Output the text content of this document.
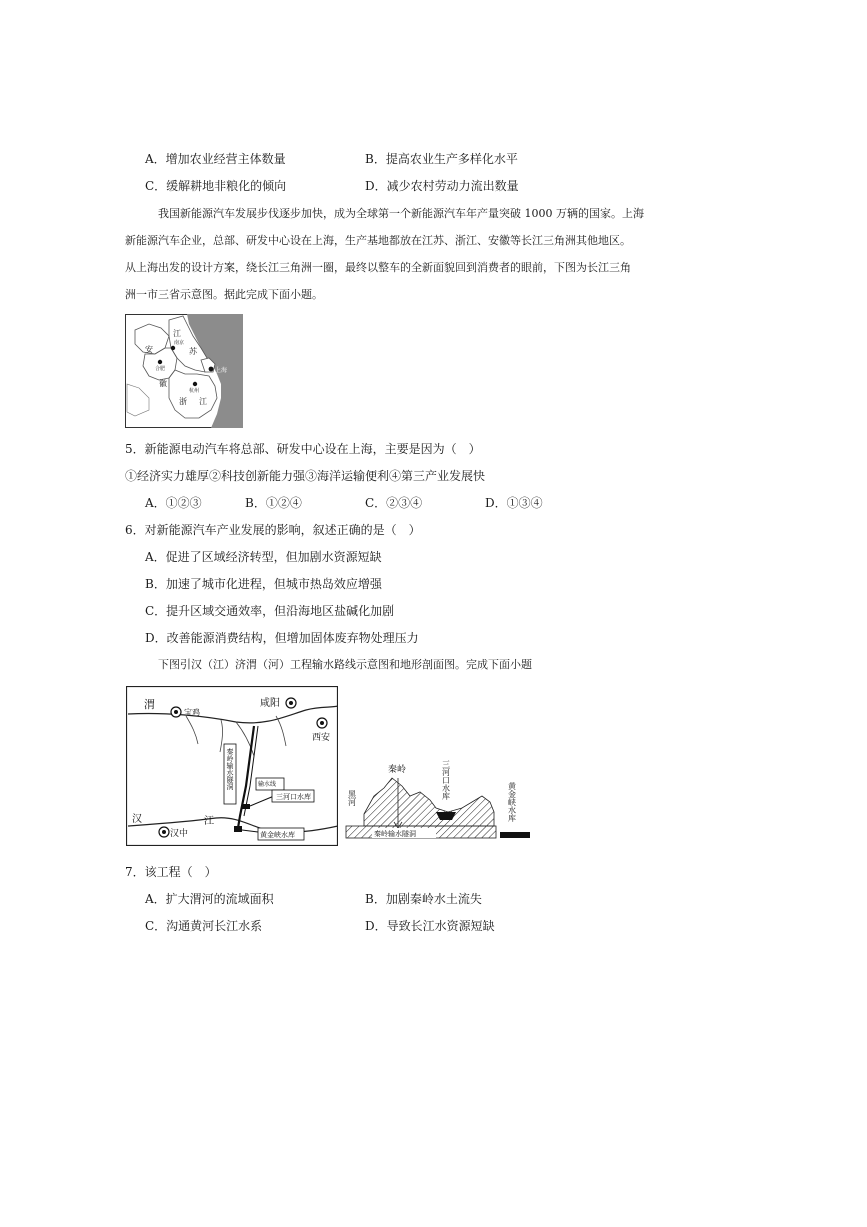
A．增加农业经营主体数量	B．提高农业生产多样化水平
C．缓解耕地非粮化的倾向	D．减少农村劳动力流出数量
我国新能源汽车发展步伐逐步加快，成为全球第一个新能源汽车年产量突破 1000 万辆的国家。上海
新能源汽车企业，总部、研发中心设在上海，生产基地都放在江苏、浙江、安徽等长江三角洲其他地区。
从上海出发的设计方案，绕长江三角洲一圈，最终以整车的全新面貌回到消费者的眼前，下图为长江三角
洲一市三省示意图。据此完成下面小题。
安
江
苏
徽
浙 江
南京
合肥
杭州
上海
5．新能源电动汽车将总部、研发中心设在上海，主要是因为（　）
①经济实力雄厚②科技创新能力强③海洋运输便利④第三产业发展快
A．①②③	B．①②④	C．②③④	D．①③④
6．对新能源汽车产业发展的影响，叙述正确的是（　）
A．促进了区域经济转型，但加剧水资源短缺
B．加速了城市化进程，但城市热岛效应增强
C．提升区域交通效率，但沿海地区盐碱化加剧
D．改善能源消费结构，但增加固体废弃物处理压力
下图引汉（江）济渭（河）工程输水路线示意图和地形剖面图。完成下面小题
渭
宝鸡
咸阳
西安
秦岭输水隧洞	输水线
三河口水库
黄金峡水库
汉
汉中
江
秦岭	三河口水库
黄金峡水库
黑河
秦岭输水隧洞
7．该工程（　）
A．扩大渭河的流域面积	B．加剧秦岭水土流失
C．沟通黄河长江水系	D．导致长江水资源短缺
